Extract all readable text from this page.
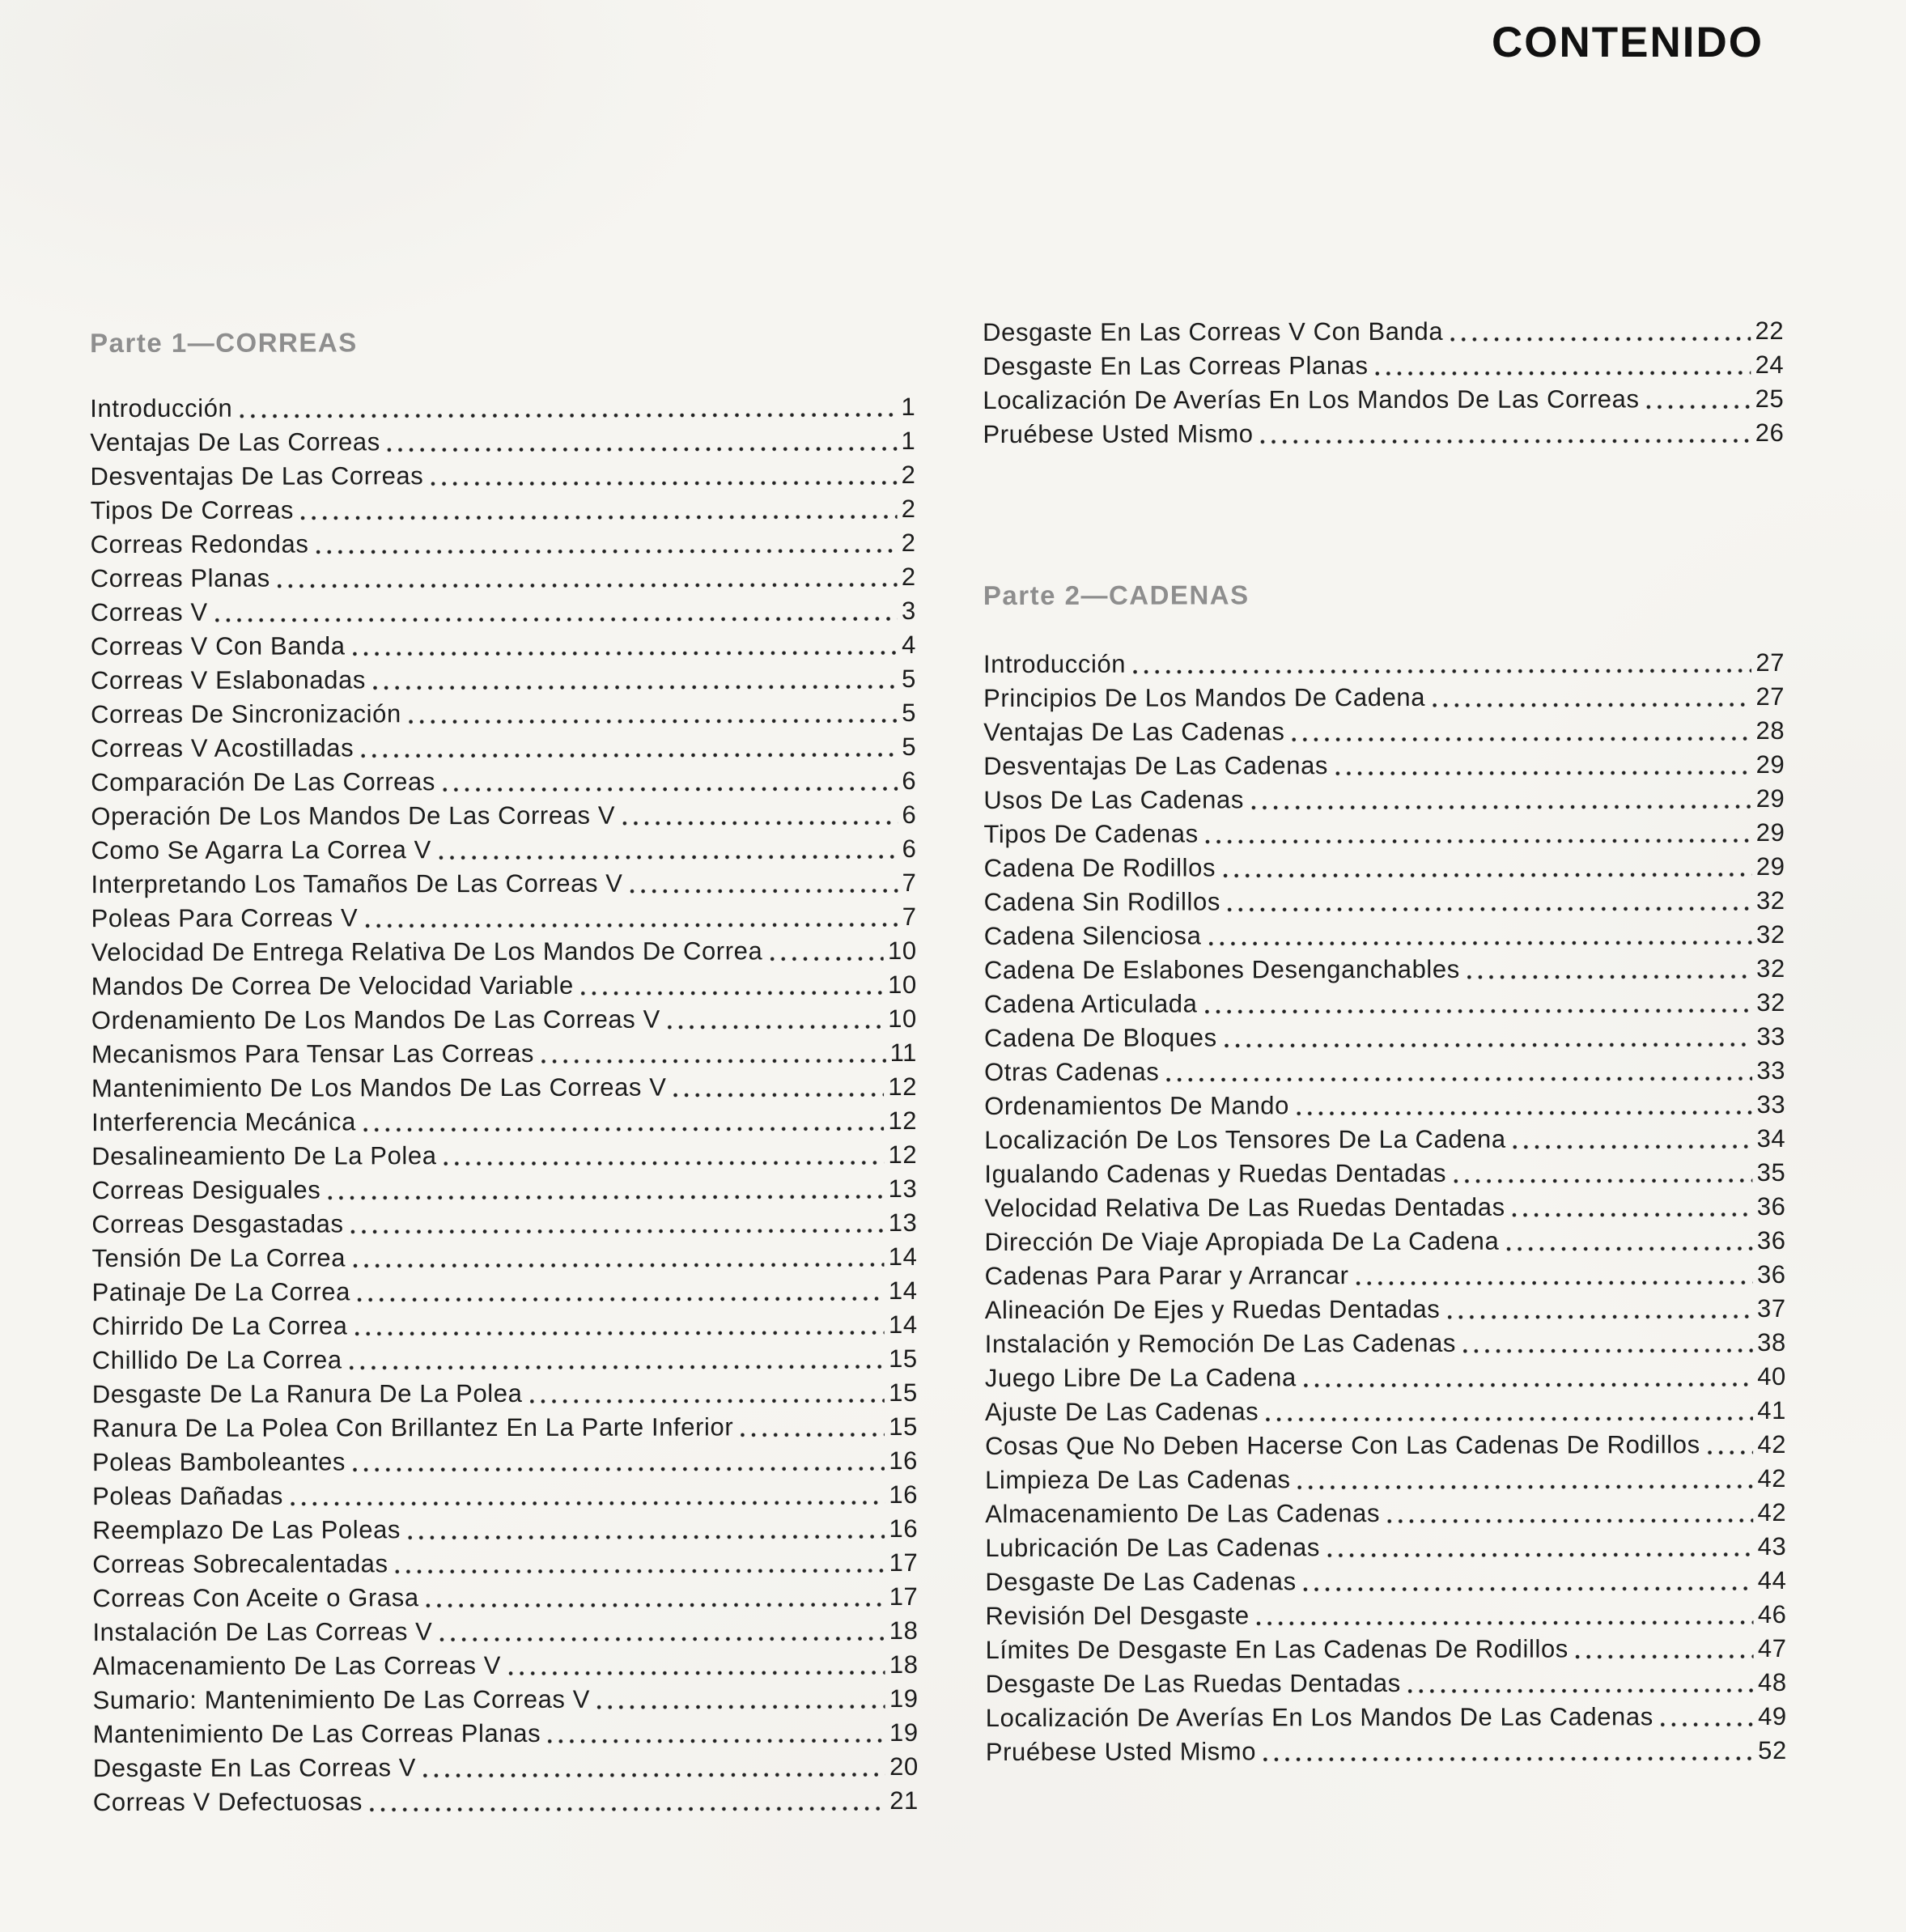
CONTENIDO
Parte 1—CORREAS
Introducción	1
Ventajas De Las Correas	1
Desventajas De Las Correas	2
Tipos De Correas	2
Correas Redondas	2
Correas Planas	2
Correas V	3
Correas V Con Banda	4
Correas V Eslabonadas	5
Correas De Sincronización	5
Correas V Acostilladas	5
Comparación De Las Correas	6
Operación De Los Mandos De Las Correas V	6
Como Se Agarra La Correa V	6
Interpretando Los Tamaños De Las Correas V	7
Poleas Para Correas V	7
Velocidad De Entrega Relativa De Los Mandos De Correa	10
Mandos De Correa De Velocidad Variable	10
Ordenamiento De Los Mandos De Las Correas V	10
Mecanismos Para Tensar Las Correas	11
Mantenimiento De Los Mandos De Las Correas V	12
Interferencia Mecánica	12
Desalineamiento De La Polea	12
Correas Desiguales	13
Correas Desgastadas	13
Tensión De La Correa	14
Patinaje De La Correa	14
Chirrido De La Correa	14
Chillido De La Correa	15
Desgaste De La Ranura De La Polea	15
Ranura De La Polea Con Brillantez En La Parte Inferior	15
Poleas Bamboleantes	16
Poleas Dañadas	16
Reemplazo De Las Poleas	16
Correas Sobrecalentadas	17
Correas Con Aceite o Grasa	17
Instalación De Las Correas V	18
Almacenamiento De Las Correas V	18
Sumario: Mantenimiento De Las Correas V	19
Mantenimiento De Las Correas Planas	19
Desgaste En Las Correas V	20
Correas V Defectuosas	21
Desgaste En Las Correas V Con Banda	22
Desgaste En Las Correas Planas	24
Localización De Averías En Los Mandos De Las Correas	25
Pruébese Usted Mismo	26
Parte 2—CADENAS
Introducción	27
Principios De Los Mandos De Cadena	27
Ventajas De Las Cadenas	28
Desventajas De Las Cadenas	29
Usos De Las Cadenas	29
Tipos De Cadenas	29
Cadena De Rodillos	29
Cadena Sin Rodillos	32
Cadena Silenciosa	32
Cadena De Eslabones Desenganchables	32
Cadena Articulada	32
Cadena De Bloques	33
Otras Cadenas	33
Ordenamientos De Mando	33
Localización De Los Tensores De La Cadena	34
Igualando Cadenas y Ruedas Dentadas	35
Velocidad Relativa De Las Ruedas Dentadas	36
Dirección De Viaje Apropiada De La Cadena	36
Cadenas Para Parar y Arrancar	36
Alineación De Ejes y Ruedas Dentadas	37
Instalación y Remoción De Las Cadenas	38
Juego Libre De La Cadena	40
Ajuste De Las Cadenas	41
Cosas Que No Deben Hacerse Con Las Cadenas De Rodillos 42
Limpieza De Las Cadenas	42
Almacenamiento De Las Cadenas	42
Lubricación De Las Cadenas	43
Desgaste De Las Cadenas	44
Revisión Del Desgaste	46
Límites De Desgaste En Las Cadenas De Rodillos	47
Desgaste De Las Ruedas Dentadas	48
Localización De Averías En Los Mandos De Las Cadenas	49
Pruébese Usted Mismo	52
